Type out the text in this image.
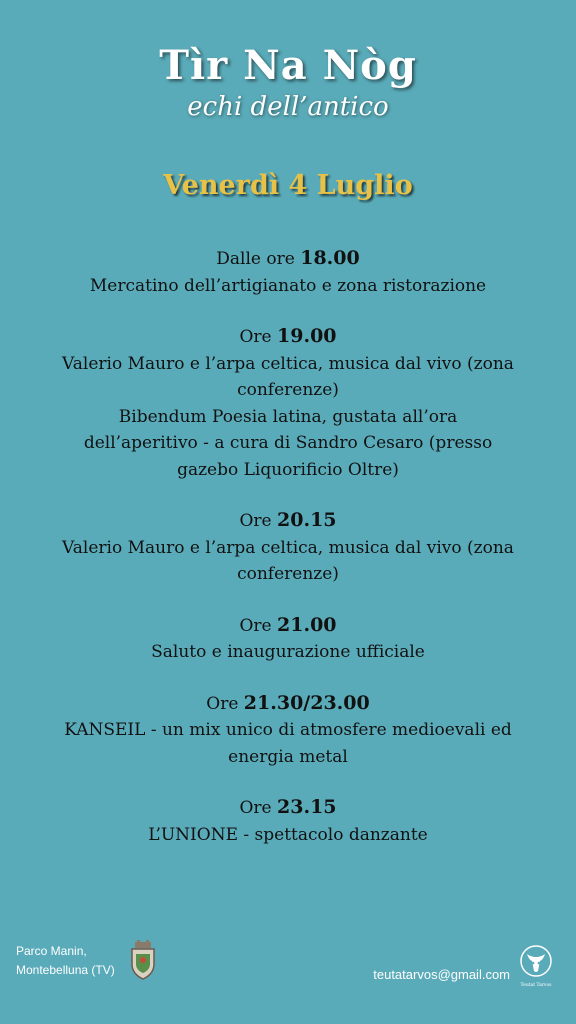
Tìr Na Nòg
echi dell’antico
Venerdì 4 Luglio

Dalle ore 18.00

Mercatino dell’artigianato e zona ristorazione

Ore 19.00

Valerio Mauro e l’arpa celtica, musica dal vivo (zona

conferenze)

Bibendum Poesia latina, gustata all’ora

dell’aperitivo - a cura di Sandro Cesaro (presso

gazebo Liquorificio Oltre)

Ore 20.15

Valerio Mauro e l’arpa celtica, musica dal vivo (zona

conferenze)

Ore 21.00

Saluto e inaugurazione ufficiale

Ore 21.30/23.00

KANSEIL - un mix unico di atmosfere medioevali ed

energia metal

Ore 23.15

L’UNIONE - spettacolo danzante

Parco Manin,
Montebelluna (TV)	teutatarvos@gmail.com
Teutat Tarvos
